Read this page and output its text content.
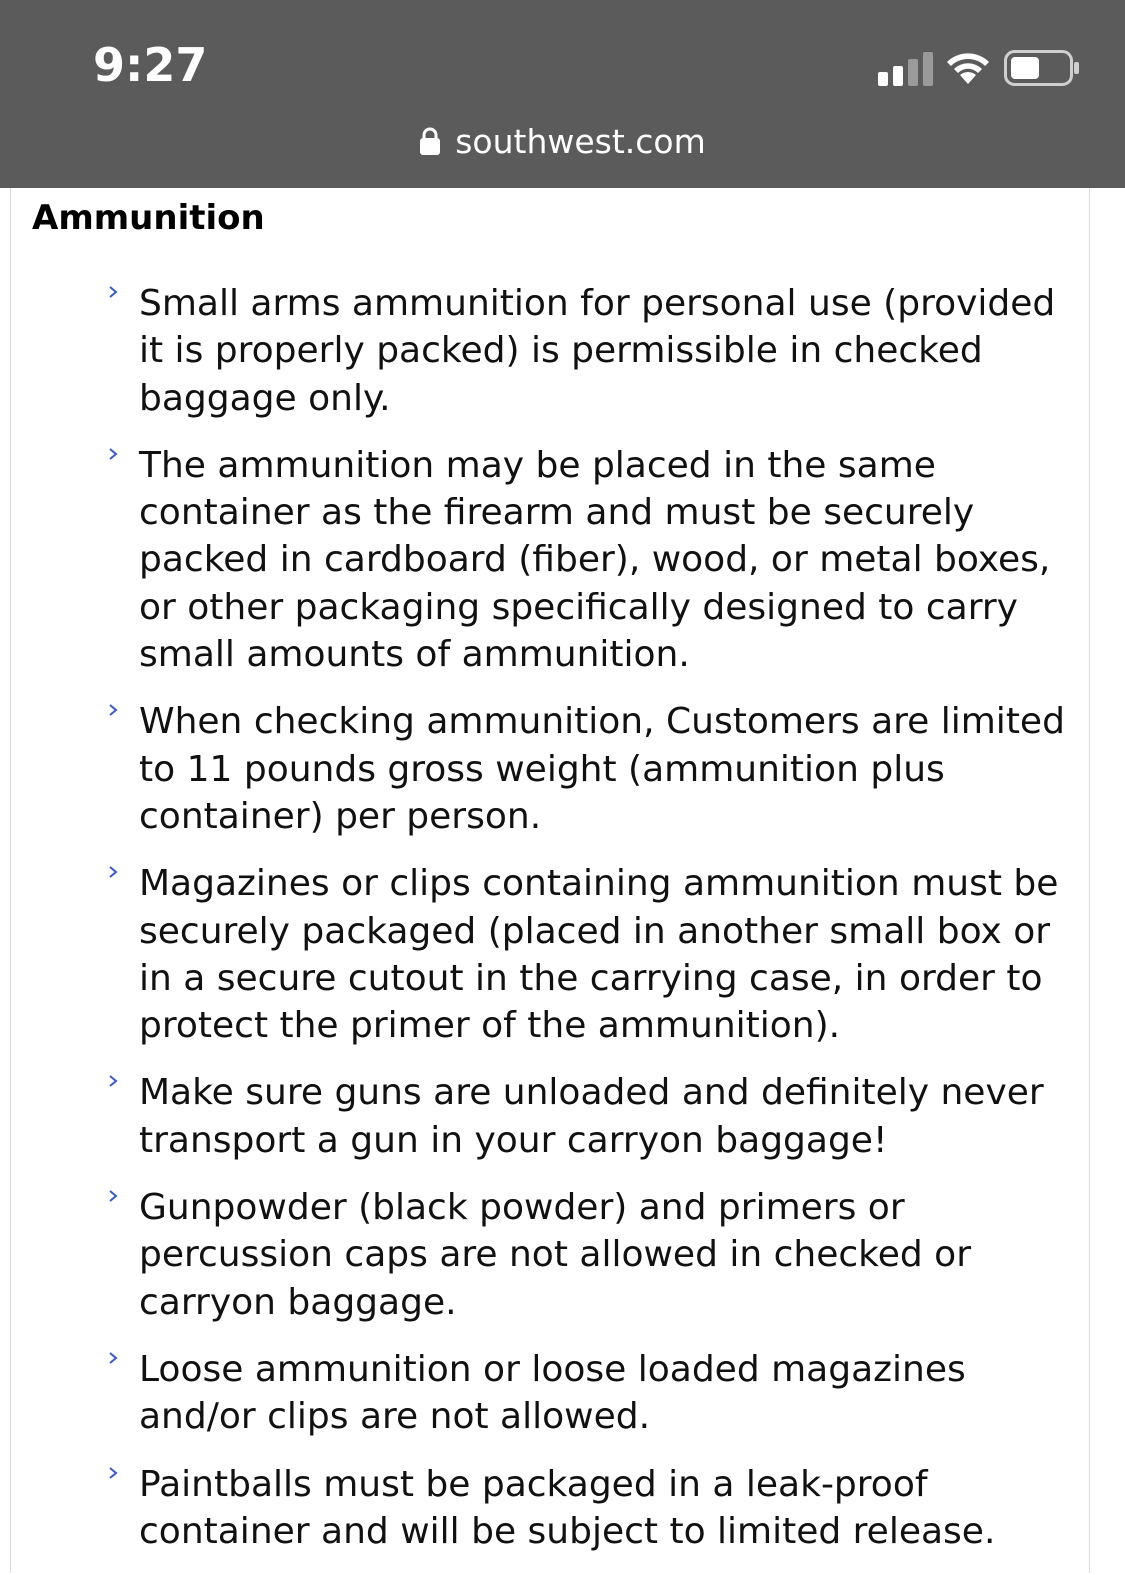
9:27
southwest.com
Ammunition
Small arms ammunition for personal use (provided it is properly packed) is permissible in checked baggage only.
The ammunition may be placed in the same container as the firearm and must be securely packed in cardboard (fiber), wood, or metal boxes, or other packaging specifically designed to carry small amounts of ammunition.
When checking ammunition, Customers are limited to 11 pounds gross weight (ammunition plus container) per person.
Magazines or clips containing ammunition must be securely packaged (placed in another small box or in a secure cutout in the carrying case, in order to protect the primer of the ammunition).
Make sure guns are unloaded and definitely never transport a gun in your carryon baggage!
Gunpowder (black powder) and primers or percussion caps are not allowed in checked or carryon baggage.
Loose ammunition or loose loaded magazines and/or clips are not allowed.
Paintballs must be packaged in a leak-proof container and will be subject to limited release.
